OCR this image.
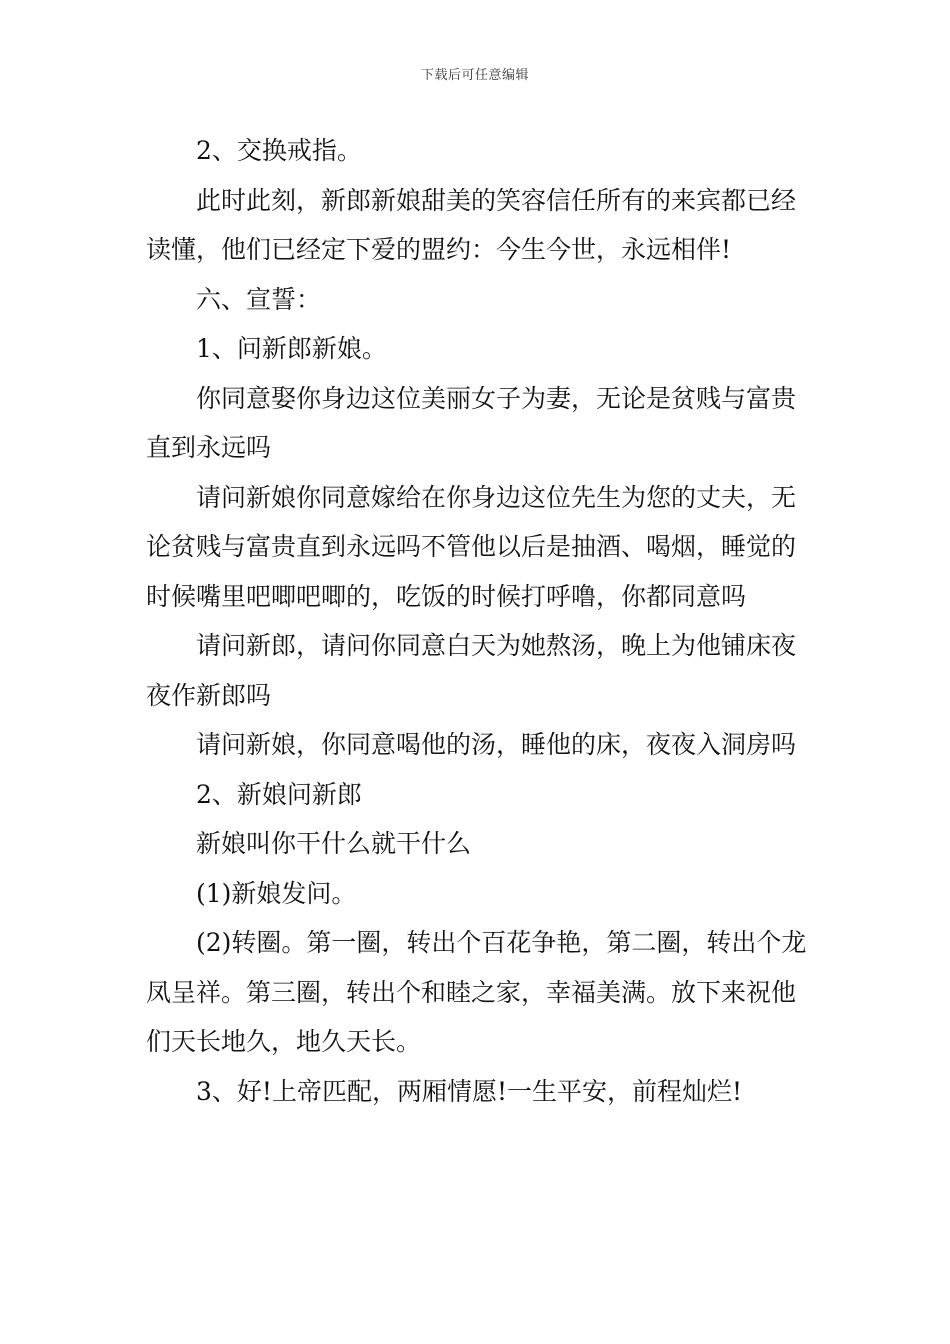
下载后可任意编辑

2、交换戒指。

此时此刻，新郎新娘甜美的笑容信任所有的来宾都已经读懂，他们已经定下爱的盟约：今生今世，永远相伴!

六、宣誓：

1、问新郎新娘。

你同意娶你身边这位美丽女子为妻，无论是贫贱与富贵直到永远吗

请问新娘你同意嫁给在你身边这位先生为您的丈夫，无论贫贱与富贵直到永远吗不管他以后是抽酒、喝烟，睡觉的时候嘴里吧唧吧唧的，吃饭的时候打呼噜，你都同意吗

请问新郎，请问你同意白天为她熬汤，晚上为他铺床夜夜作新郎吗

请问新娘，你同意喝他的汤，睡他的床，夜夜入洞房吗

2、新娘问新郎

新娘叫你干什么就干什么

(1)新娘发问。

(2)转圈。第一圈，转出个百花争艳，第二圈，转出个龙凤呈祥。第三圈，转出个和睦之家，幸福美满。放下来祝他们天长地久，地久天长。

3、好!上帝匹配，两厢情愿!一生平安，前程灿烂!
